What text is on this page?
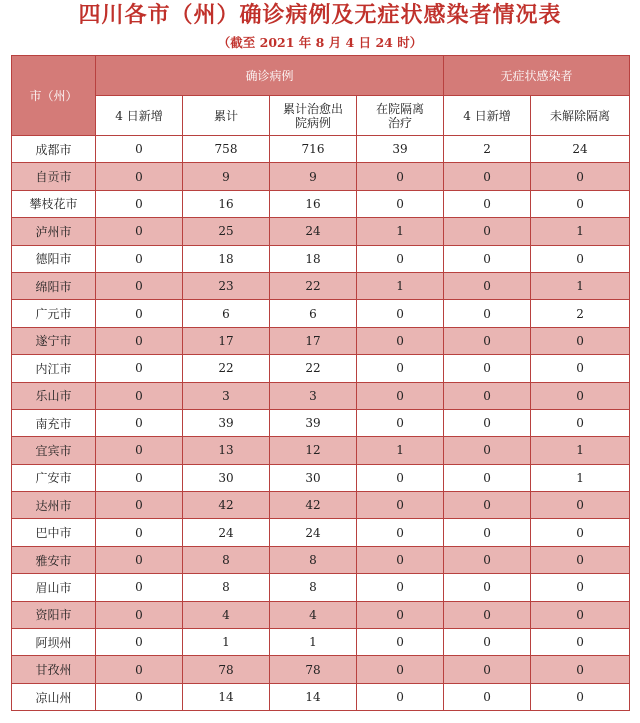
四川各市（州）确诊病例及无症状感染者情况表
（截至 2021 年 8 月 4 日 24 时）
市（州）	确诊病例				无症状感染者	
	4 日新增	累计	累计治愈出院病例	在院隔离治疗	4 日新增	未解除隔离
成都市	0	758	716	39	2	24
自贡市	0	9	9	0	0	0
攀枝花市	0	16	16	0	0	0
泸州市	0	25	24	1	0	1
德阳市	0	18	18	0	0	0
绵阳市	0	23	22	1	0	1
广元市	0	6	6	0	0	2
遂宁市	0	17	17	0	0	0
内江市	0	22	22	0	0	0
乐山市	0	3	3	0	0	0
南充市	0	39	39	0	0	0
宜宾市	0	13	12	1	0	1
广安市	0	30	30	0	0	1
达州市	0	42	42	0	0	0
巴中市	0	24	24	0	0	0
雅安市	0	8	8	0	0	0
眉山市	0	8	8	0	0	0
资阳市	0	4	4	0	0	0
阿坝州	0	1	1	0	0	0
甘孜州	0	78	78	0	0	0
凉山州	0	14	14	0	0	0
